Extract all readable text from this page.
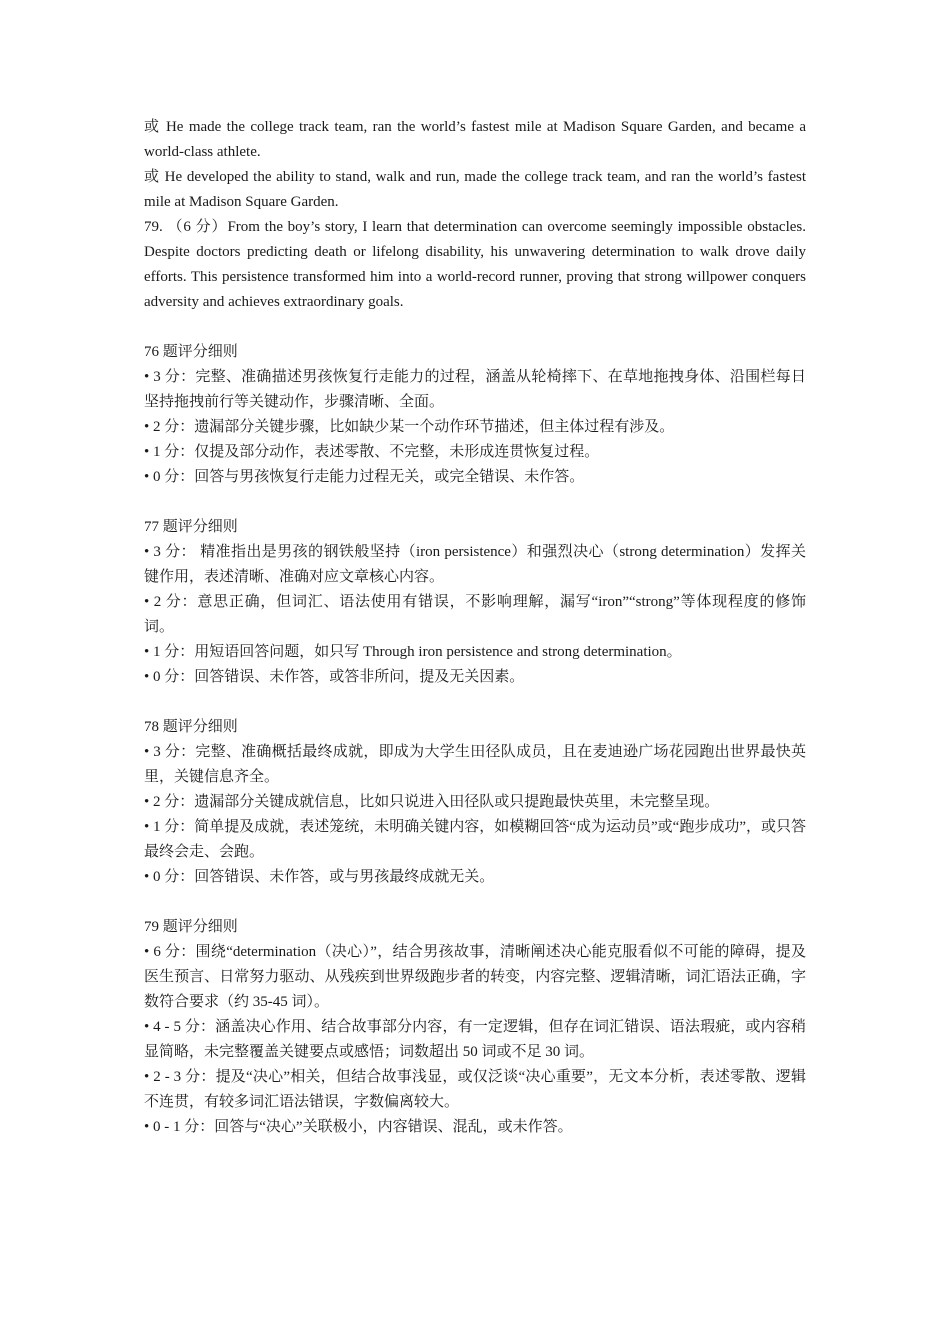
或 He made the college track team, ran the world’s fastest mile at Madison Square Garden, and became a world-class athlete.

或 He developed the ability to stand, walk and run, made the college track team, and ran the world’s fastest mile at Madison Square Garden.

79. （6 分）From the boy’s story, I learn that determination can overcome seemingly impossible obstacles. Despite doctors predicting death or lifelong disability, his unwavering determination to walk drove daily efforts. This persistence transformed him into a world-record runner, proving that strong willpower conquers adversity and achieves extraordinary goals.

76 题评分细则

• 3 分：完整、准确描述男孩恢复行走能力的过程，涵盖从轮椅摔下、在草地拖拽身体、沿围栏每日坚持拖拽前行等关键动作，步骤清晰、全面。

• 2 分：遗漏部分关键步骤，比如缺少某一个动作环节描述，但主体过程有涉及。

• 1 分：仅提及部分动作，表述零散、不完整，未形成连贯恢复过程。

• 0 分：回答与男孩恢复行走能力过程无关，或完全错误、未作答。

77 题评分细则

• 3 分： 精准指出是男孩的钢铁般坚持（iron persistence）和强烈决心（strong determination）发挥关键作用，表述清晰、准确对应文章核心内容。

• 2 分：意思正确，但词汇、语法使用有错误，不影响理解，漏写“iron”“strong”等体现程度的修饰词。

• 1 分：用短语回答问题，如只写 Through iron persistence and strong determination。

• 0 分：回答错误、未作答，或答非所问，提及无关因素。

78 题评分细则

• 3 分：完整、准确概括最终成就，即成为大学生田径队成员，且在麦迪逊广场花园跑出世界最快英里，关键信息齐全。

• 2 分：遗漏部分关键成就信息，比如只说进入田径队或只提跑最快英里，未完整呈现。

• 1 分：简单提及成就，表述笼统，未明确关键内容，如模糊回答“成为运动员”或“跑步成功”，或只答最终会走、会跑。

• 0 分：回答错误、未作答，或与男孩最终成就无关。

79 题评分细则

• 6 分：围绕“determination（决心）”，结合男孩故事，清晰阐述决心能克服看似不可能的障碍，提及医生预言、日常努力驱动、从残疾到世界级跑步者的转变，内容完整、逻辑清晰，词汇语法正确，字数符合要求（约 35-45 词）。

• 4 - 5 分：涵盖决心作用、结合故事部分内容，有一定逻辑，但存在词汇错误、语法瑕疵，或内容稍显简略，未完整覆盖关键要点或感悟；词数超出 50 词或不足 30 词。

• 2 - 3 分：提及“决心”相关，但结合故事浅显，或仅泛谈“决心重要”，无文本分析，表述零散、逻辑不连贯，有较多词汇语法错误，字数偏离较大。

• 0 - 1 分：回答与“决心”关联极小，内容错误、混乱，或未作答。
